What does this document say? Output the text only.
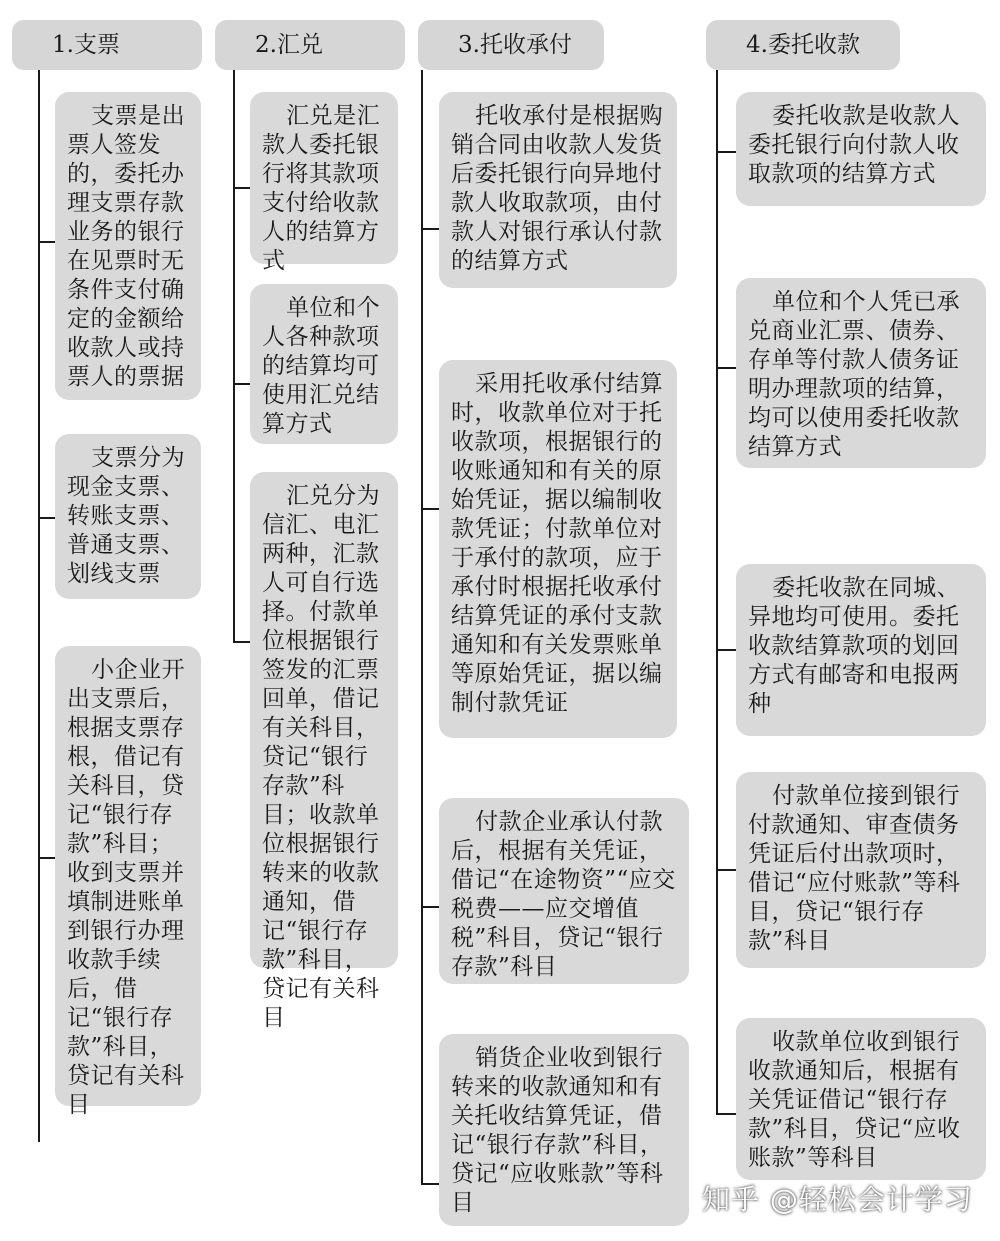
1.支票
支票是出票人签发的，委托办理支票存款业务的银行在见票时无条件支付确定的金额给收款人或持票人的票据
支票分为现金支票、转账支票、普通支票、划线支票
小企业开出支票后，根据支票存根，借记有关科目，贷记“银行存款”科目；收到支票并填制进账单到银行办理收款手续后，借记“银行存款”科目，贷记有关科目
2.汇兑
汇兑是汇款人委托银行将其款项支付给收款人的结算方式
单位和个人各种款项的结算均可使用汇兑结算方式
汇兑分为信汇、电汇两种，汇款人可自行选择。付款单位根据银行签发的汇票回单，借记有关科目，贷记“银行存款”科目；收款单位根据银行转来的收款通知，借记“银行存款”科目，贷记有关科目
3.托收承付
托收承付是根据购销合同由收款人发货后委托银行向异地付款人收取款项，由付款人对银行承认付款的结算方式
采用托收承付结算时，收款单位对于托收款项，根据银行的收账通知和有关的原始凭证，据以编制收款凭证；付款单位对于承付的款项，应于承付时根据托收承付结算凭证的承付支款通知和有关发票账单等原始凭证，据以编制付款凭证
付款企业承认付款后，根据有关凭证，借记“在途物资”“应交税费——应交增值税”科目，贷记“银行存款”科目
销货企业收到银行转来的收款通知和有关托收结算凭证，借记“银行存款”科目，贷记“应收账款”等科目
4.委托收款
委托收款是收款人委托银行向付款人收取款项的结算方式
单位和个人凭已承兑商业汇票、债券、存单等付款人债务证明办理款项的结算，均可以使用委托收款结算方式
委托收款在同城、异地均可使用。委托收款结算款项的划回方式有邮寄和电报两种
付款单位接到银行付款通知、审查债务凭证后付出款项时，借记“应付账款”等科目，贷记“银行存款”科目
收款单位收到银行收款通知后，根据有关凭证借记“银行存款”科目，贷记“应收账款”等科目
知乎 @轻松会计学习
